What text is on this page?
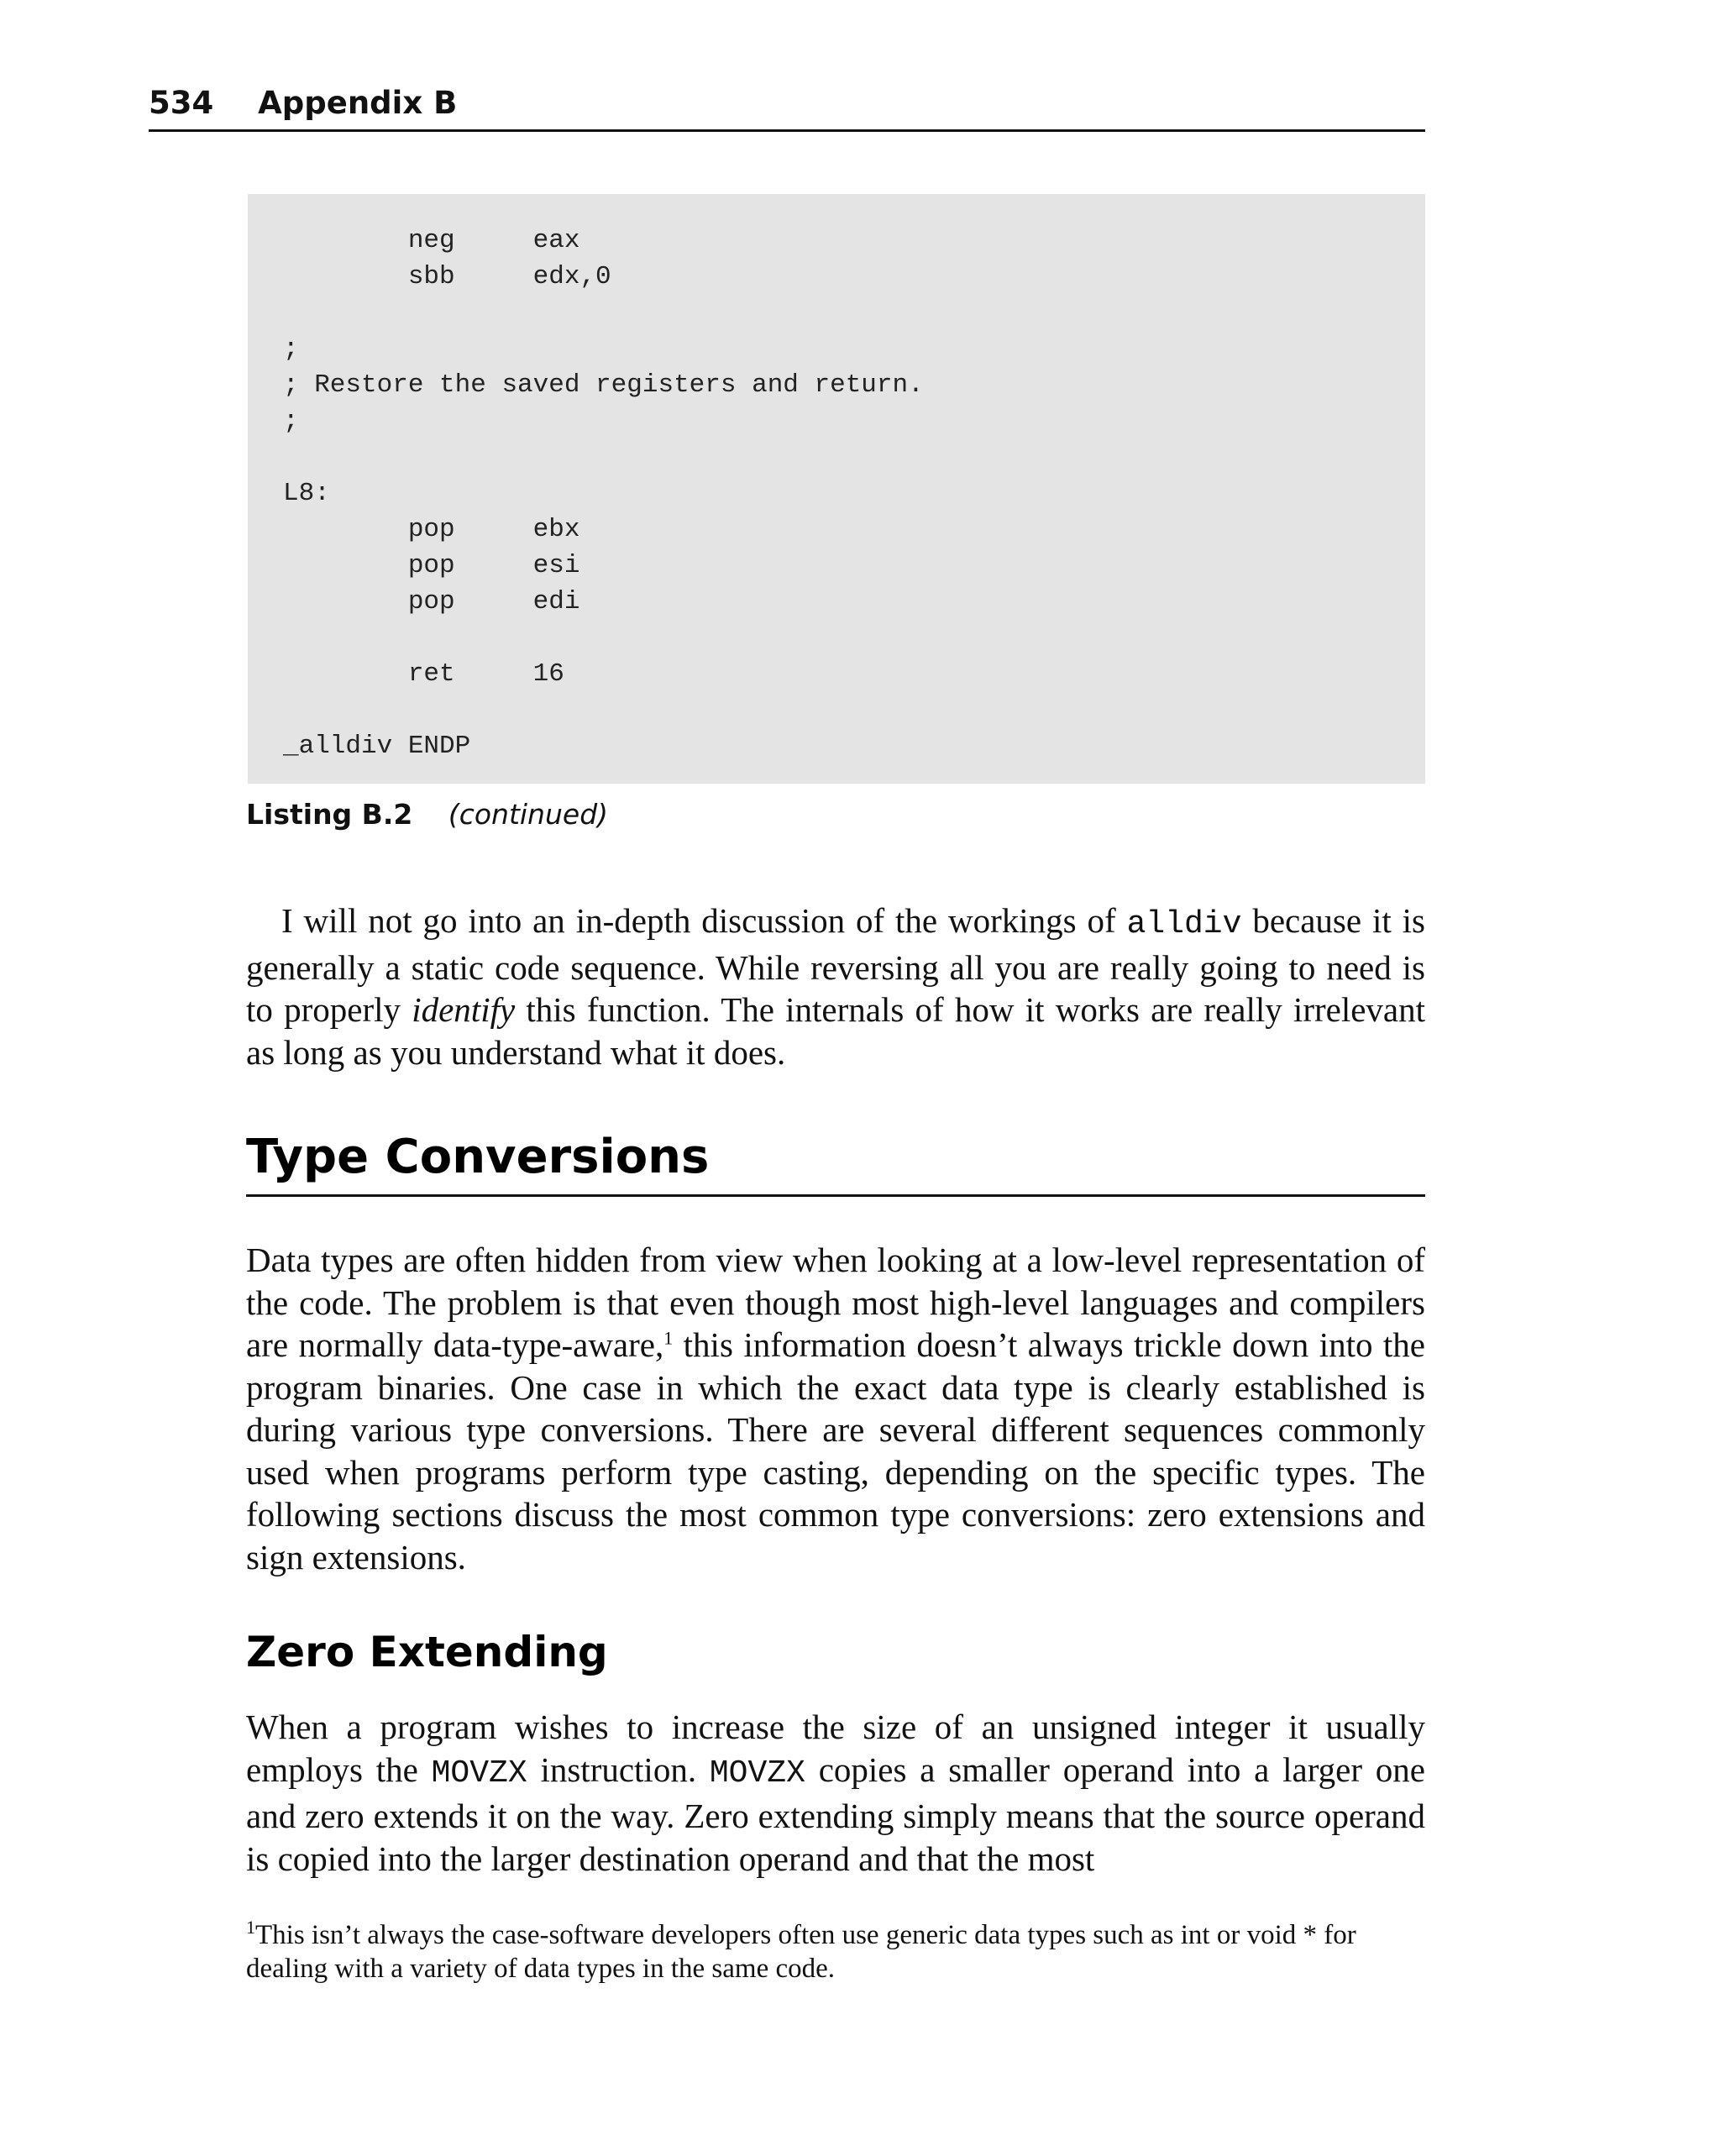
534 Appendix B
neg     eax
sbb     edx,0

;
; Restore the saved registers and return.
;

L8:
pop     ebx
pop     esi
pop     edi

ret     16

_alldiv ENDP
Listing B.2 (continued)

I will not go into an in-depth discussion of the workings of alldiv because it is generally a static code sequence. While reversing all you are really going to need is to properly identify this function. The internals of how it works are really irrelevant as long as you understand what it does.

Type Conversions

Data types are often hidden from view when looking at a low-level representation of the code. The problem is that even though most high-level languages and compilers are normally data-type-aware,$^1$ this information doesn’t always trickle down into the program binaries. One case in which the exact data type is clearly established is during various type conversions. There are several different sequences commonly used when programs perform type casting, depending on the specific types. The following sections discuss the most common type conversions: zero extensions and sign extensions.

Zero Extending

When a program wishes to increase the size of an unsigned integer it usually employs the MOVZX instruction. MOVZX copies a smaller operand into a larger one and zero extends it on the way. Zero extending simply means that the source operand is copied into the larger destination operand and that the most

$^1$This isn’t always the case-software developers often use generic data types such as int or void * for dealing with a variety of data types in the same code.
